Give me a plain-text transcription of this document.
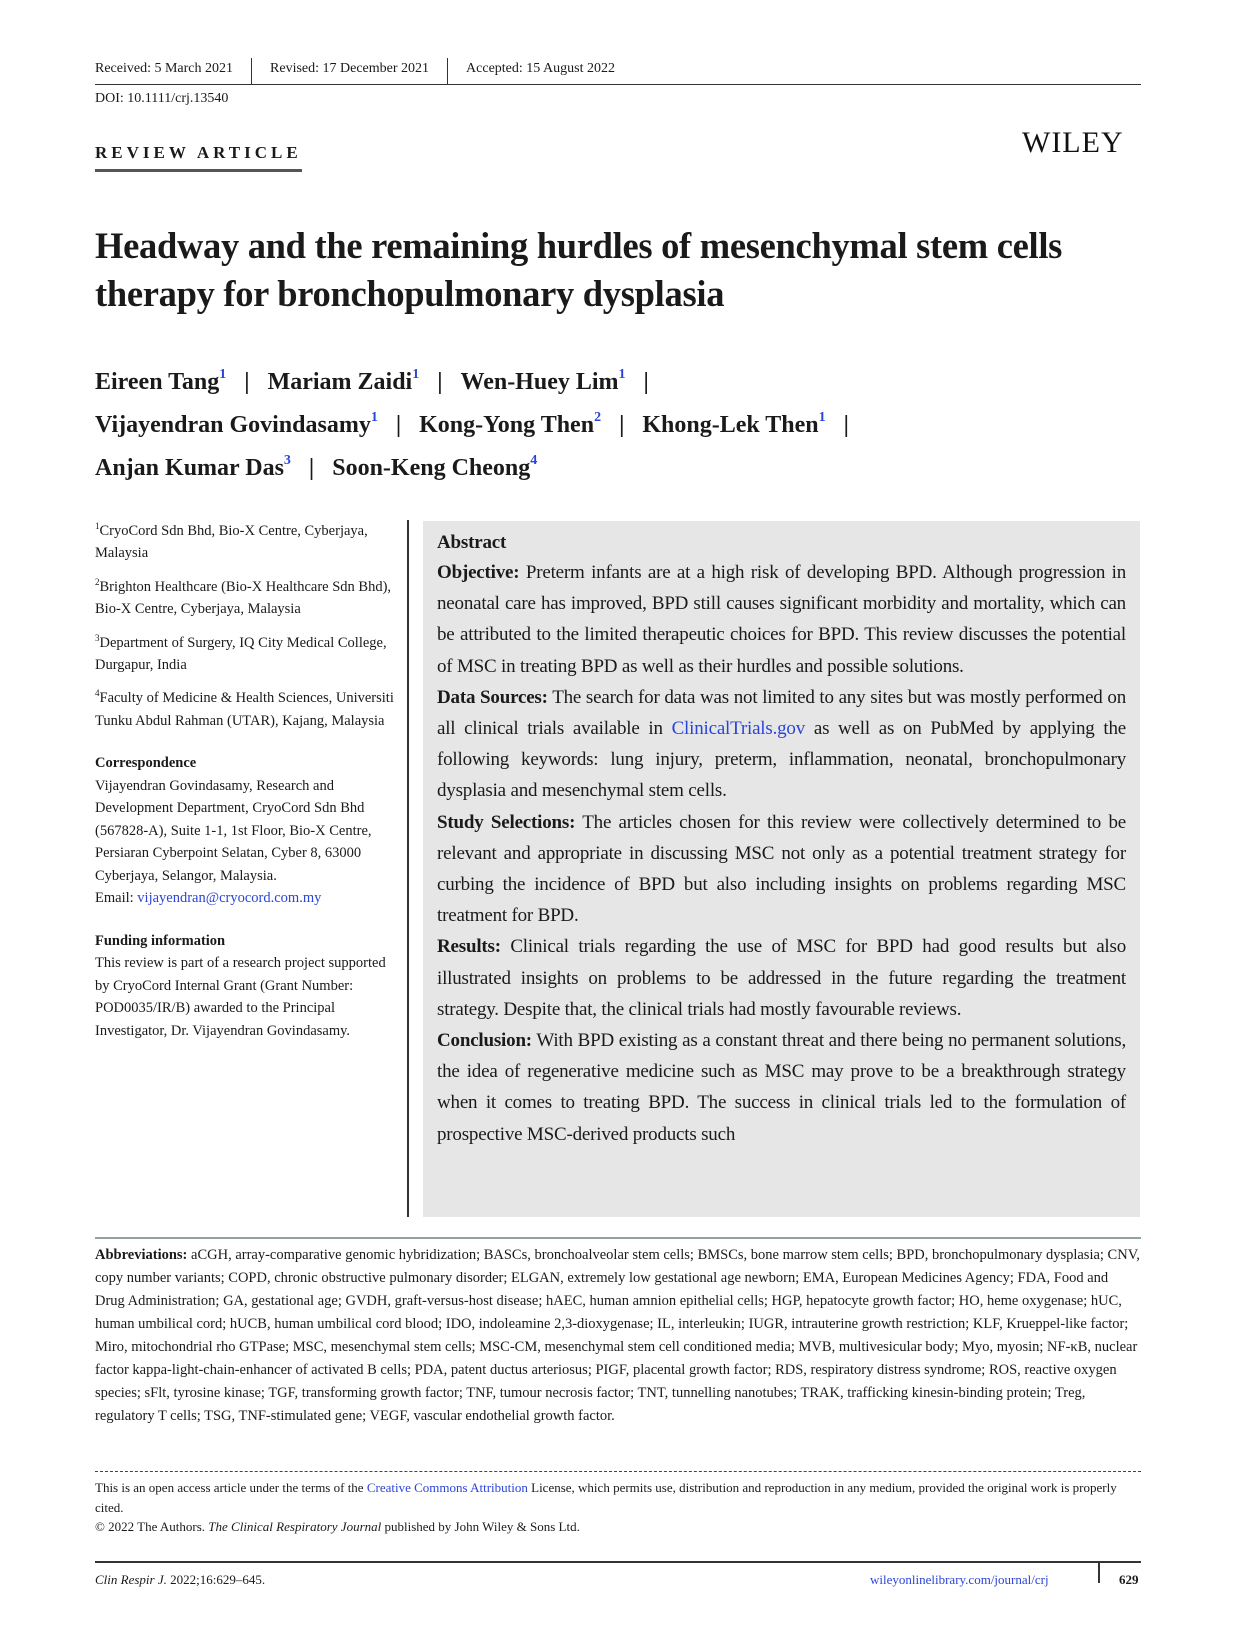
Received: 5 March 2021	Revised: 17 December 2021	Accepted: 15 August 2022
DOI: 10.1111/crj.13540
REVIEW ARTICLE	WILEY
Headway and the remaining hurdles of mesenchymal stem cells therapy for bronchopulmonary dysplasia
Eireen Tang$^1$ | Mariam Zaidi$^1$ | Wen-Huey Lim$^1$ |
Vijayendran Govindasamy$^1$ | Kong-Yong Then$^2$ | Khong-Lek Then$^1$ |
Anjan Kumar Das$^3$ | Soon-Keng Cheong$^4$
$^1$CryoCord Sdn Bhd, Bio-X Centre, Cyberjaya, Malaysia
$^2$Brighton Healthcare (Bio-X Healthcare Sdn Bhd), Bio-X Centre, Cyberjaya, Malaysia
$^3$Department of Surgery, IQ City Medical College, Durgapur, India
$^4$Faculty of Medicine & Health Sciences, Universiti Tunku Abdul Rahman (UTAR), Kajang, Malaysia
Correspondence
Vijayendran Govindasamy, Research and Development Department, CryoCord Sdn Bhd (567828-A), Suite 1-1, 1st Floor, Bio-X Centre, Persiaran Cyberpoint Selatan, Cyber 8, 63000 Cyberjaya, Selangor, Malaysia.
Email: vijayendran@cryocord.com.my
Funding information
This review is part of a research project supported by CryoCord Internal Grant (Grant Number: POD0035/IR/B) awarded to the Principal Investigator, Dr. Vijayendran Govindasamy.
Abstract

Objective: Preterm infants are at a high risk of developing BPD. Although progression in neonatal care has improved, BPD still causes significant morbidity and mortality, which can be attributed to the limited therapeutic choices for BPD. This review discusses the potential of MSC in treating BPD as well as their hurdles and possible solutions.

Data Sources: The search for data was not limited to any sites but was mostly performed on all clinical trials available in ClinicalTrials.gov as well as on PubMed by applying the following keywords: lung injury, preterm, inflammation, neonatal, bronchopulmonary dysplasia and mesenchymal stem cells.

Study Selections: The articles chosen for this review were collectively determined to be relevant and appropriate in discussing MSC not only as a potential treatment strategy for curbing the incidence of BPD but also including insights on problems regarding MSC treatment for BPD.

Results: Clinical trials regarding the use of MSC for BPD had good results but also illustrated insights on problems to be addressed in the future regarding the treatment strategy. Despite that, the clinical trials had mostly favourable reviews.

Conclusion: With BPD existing as a constant threat and there being no permanent solutions, the idea of regenerative medicine such as MSC may prove to be a breakthrough strategy when it comes to treating BPD. The success in clinical trials led to the formulation of prospective MSC-derived products such

Abbreviations: aCGH, array-comparative genomic hybridization; BASCs, bronchoalveolar stem cells; BMSCs, bone marrow stem cells; BPD, bronchopulmonary dysplasia; CNV, copy number variants; COPD, chronic obstructive pulmonary disorder; ELGAN, extremely low gestational age newborn; EMA, European Medicines Agency; FDA, Food and Drug Administration; GA, gestational age; GVDH, graft-versus-host disease; hAEC, human amnion epithelial cells; HGP, hepatocyte growth factor; HO, heme oxygenase; hUC, human umbilical cord; hUCB, human umbilical cord blood; IDO, indoleamine 2,3-dioxygenase; IL, interleukin; IUGR, intrauterine growth restriction; KLF, Krueppel-like factor; Miro, mitochondrial rho GTPase; MSC, mesenchymal stem cells; MSC-CM, mesenchymal stem cell conditioned media; MVB, multivesicular body; Myo, myosin; NF-κB, nuclear factor kappa-light-chain-enhancer of activated B cells; PDA, patent ductus arteriosus; PIGF, placental growth factor; RDS, respiratory distress syndrome; ROS, reactive oxygen species; sFlt, tyrosine kinase; TGF, transforming growth factor; TNF, tumour necrosis factor; TNT, tunnelling nanotubes; TRAK, trafficking kinesin-binding protein; Treg, regulatory T cells; TSG, TNF-stimulated gene; VEGF, vascular endothelial growth factor.
This is an open access article under the terms of the Creative Commons Attribution License, which permits use, distribution and reproduction in any medium, provided the original work is properly cited.
© 2022 The Authors. The Clinical Respiratory Journal published by John Wiley & Sons Ltd.
Clin Respir J. 2022;16:629–645.	wileyonlinelibrary.com/journal/crj	629
